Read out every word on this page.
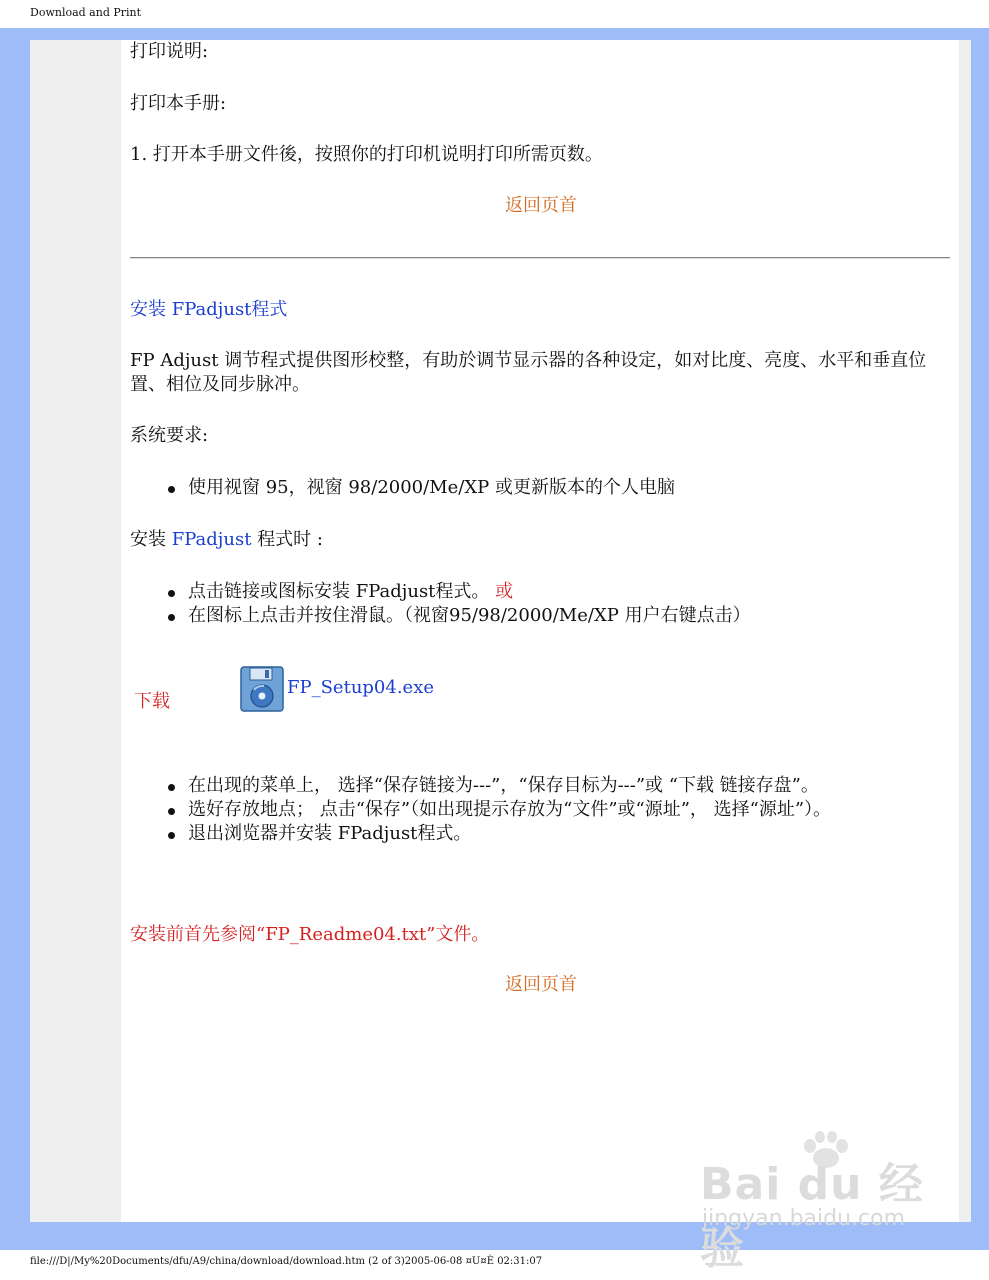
Download and Print
打印说明:
打印本手册:
1. 打开本手册文件後，按照你的打印机说明打印所需页数。
返回页首
安装 FPadjust程式
FP Adjust 调节程式提供图形校整，有助於调节显示器的各种设定，如对比度、亮度、水平和垂直位置、相位及同步脉冲。
系统要求:

使用视窗 95，视窗 98/2000/Me/XP 或更新版本的个人电脑

安装 FPadjust 程式时 :

点击链接或图标安装 FPadjust程式。 或

在图标上点击并按住滑鼠。（视窗95/98/2000/Me/XP 用户右键点击）

下载
FP_Setup04.exe

在出现的菜单上， 选择“保存链接为---”，“保存目标为---”或 “下载 链接存盘”。

选好存放地点； 点击“保存”（如出现提示存放为“文件”或“源址”， 选择“源址”）。

退出浏览器并安装 FPadjust程式。

安装前首先参阅“FP_Readme04.txt”文件。
返回页首
Bai du 经验
jingyan.baidu.com
file:///D|/My%20Documents/dfu/A9/china/download/download.htm (2 of 3)2005-06-08 ¤U¤È 02:31:07
